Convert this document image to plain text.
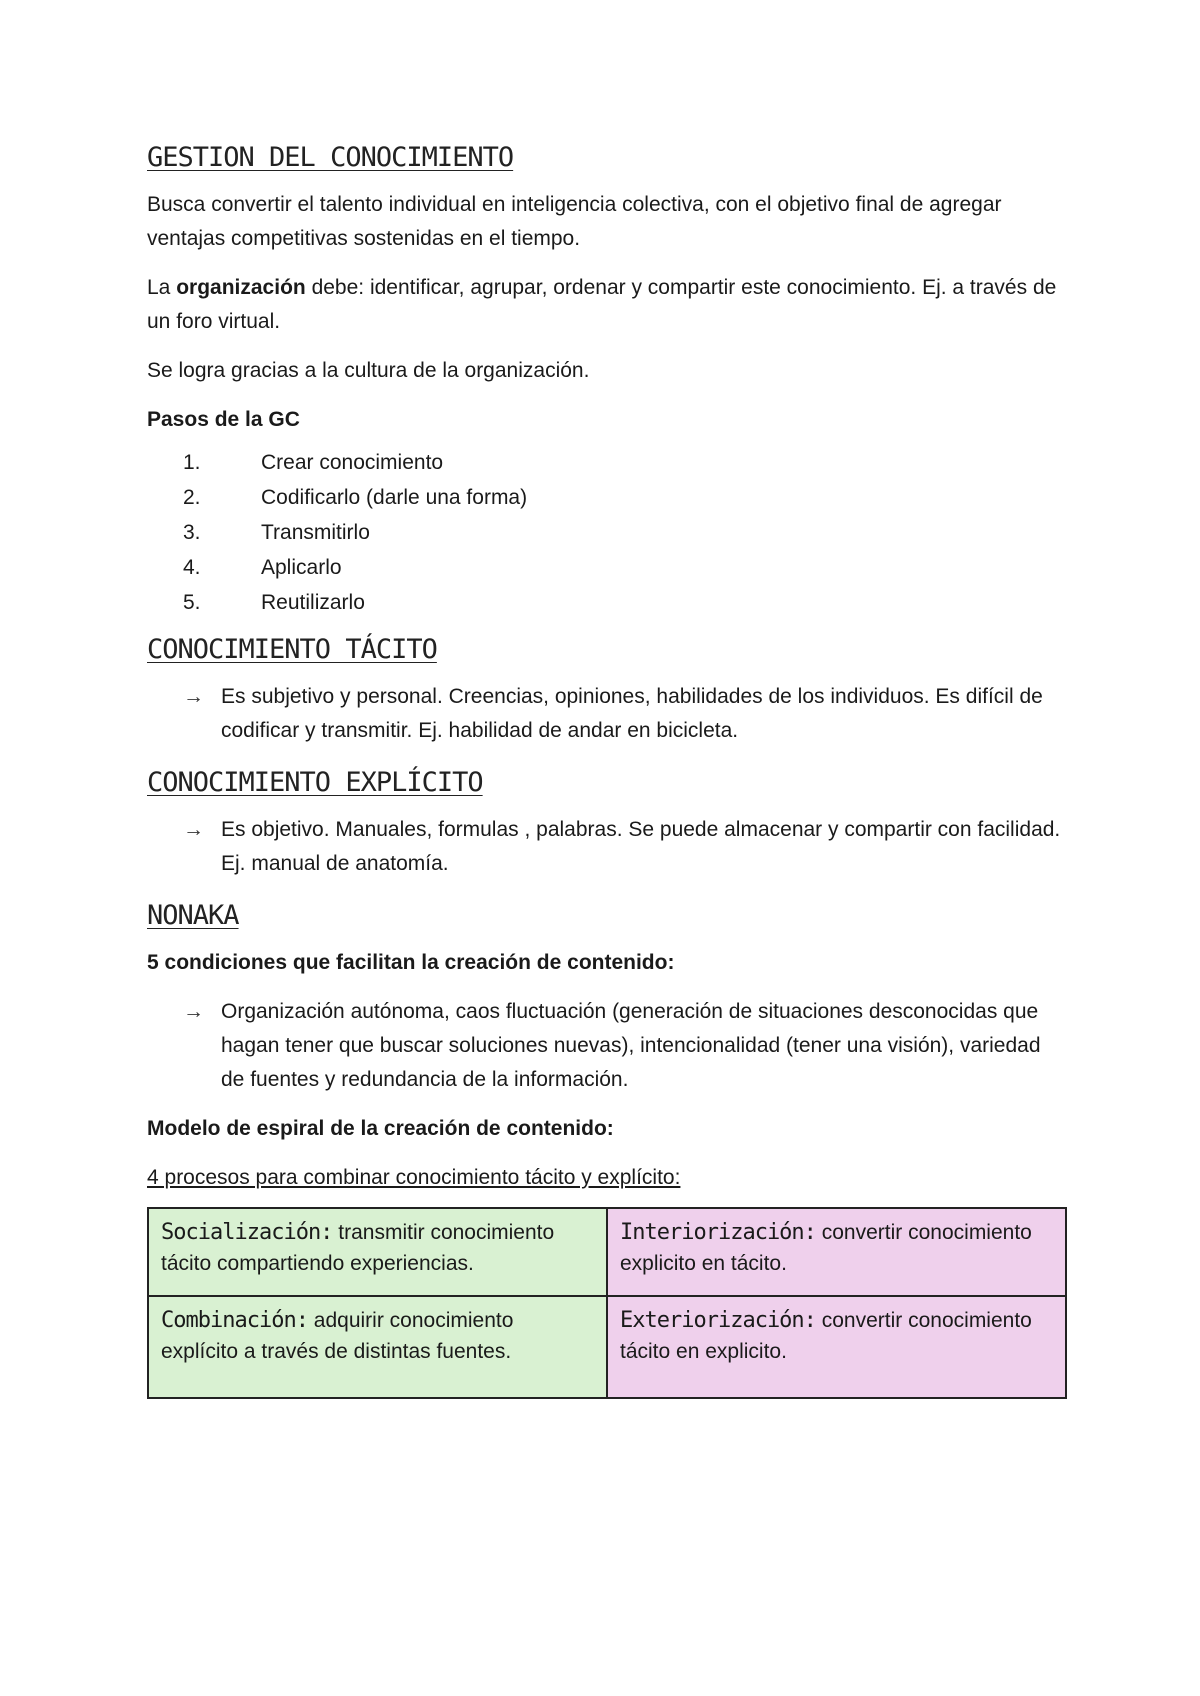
GESTION DEL CONOCIMIENTO

Busca convertir el talento individual en inteligencia colectiva, con el objetivo final de agregar ventajas competitivas sostenidas en el tiempo.

La organización debe: identificar, agrupar, ordenar y compartir este conocimiento. Ej. a través de un foro virtual.

Se logra gracias a la cultura de la organización.

Pasos de la GC

1.	Crear conocimiento
2.	Codificarlo (darle una forma)
3.	Transmitirlo
4.	Aplicarlo
5.	Reutilizarlo
CONOCIMIENTO TÁCITO
→ Es subjetivo y personal. Creencias, opiniones, habilidades de los individuos. Es difícil de codificar y transmitir. Ej. habilidad de andar en bicicleta.
CONOCIMIENTO EXPLÍCITO
→ Es objetivo. Manuales, formulas , palabras. Se puede almacenar y compartir con facilidad. Ej. manual de anatomía.
NONAKA

5 condiciones que facilitan la creación de contenido:

→ Organización autónoma, caos fluctuación (generación de situaciones desconocidas que hagan tener que buscar soluciones nuevas), intencionalidad (tener una visión), variedad de fuentes y redundancia de la información.

Modelo de espiral de la creación de contenido:

4 procesos para combinar conocimiento tácito y explícito:

Socialización: transmitir conocimiento tácito compartiendo experiencias.	Interiorización: convertir conocimiento explicito en tácito.
Combinación: adquirir conocimiento explícito a través de distintas fuentes.	Exteriorización: convertir conocimiento tácito en explicito.
